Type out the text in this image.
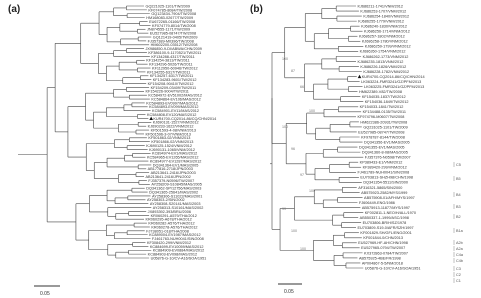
(a)	GQ221025-1101/TW/2009
KF074785-8084/TW/2008
GQ123434-7904/TW/2008
HM168083-02677/TW/2009
EU672265-01166/TW/2008
KF074779-8014/TW/2008
JN874555-1171/TW/2009
EU527985-08747/TW/2008
GQ121419-0405/TW/2009
FJ357389-M0396/TW/2008
HM602200-03512/TW/2008
JX986850-9-DI/ABWA/CHN/2009
KF386100-9-1170521/TW/2011
KF134288-4317/TW/2011
KF134254-3813/TW/2011
KF134296-5026/TW/2011
KF112950-60946/TW/2012
KF134255-6317/TW/2011
KF134257-6317/TW/2011
KF134283-9601/TW/2012
KF154208-90410/TW/2012
KF154209-03409/TW/2011
KF154226-9004/TW/2011
KC584972-EV51002/MAS/2012
KC584864-EV106/MAS/2012
KC584893-EV0997/MAS/2012
KC584893-EV099/MAS/2012
KC584901-EV11/MAS/2012
KC584808-EV120/MAS/2012
KUR4700-CQ2014-86/CQ/CHN/2014
KJ690131-1527/VNM/2012
KJ690233-1622/VNM/2012
KF501593-4-08/VNM/2013
KF501596-3-07/VNM/2013
KF501863-02/VNM/2013
KF501866-02/VNM/2013
KJ690125-1524/VNM/2012
KJ690131-1065/VNM/2012
KC894974-EV1/MAS/2012
KC584965-EV1265/MAS/2012
KC894977-EV1287/MAS/2012
DQ341364-EV1/MAS/2005
AB177816-2718/JPN/2003
AB213641-2416/JPN/2003
AB213641-2416/JPN/2002
FJ357379-N0596/TW/2007
AY258209-S10845/MAS/2005
DQ341362-SP/12756/MAS/2003
DQ341365-25641/MAS/2002
AY258306-S11022/MAS/2001
AY258303-2/SIN/2002
AY258308-S20141/MAS/2003
AY258313-S10161/MAS/2002
JX893392-393/BRU/2006
KR060291-A579/THA/2012
KR060295-A678/THA/2012
KR060282-A576/THA/2012
KR060278-A576/THA/2012
FJ738051-018/THA/2008
KC889004-EV1987/MAS/2012
FJ461763-NUH0041/SIN/2008
KF308420-299/VNM/2012
KC884699-EV10059/MAS/2012
KC884909-EV0884/MAS/2012
KC884903-EV098/MAS/2012
U05876-G-10/CV-A16/SOA/1951
0.05
(b)	KJ686211-1741/VNM/2012
KJ686253-1707/VNM/2012
KJ686254-1840/VNM/2012
KJ686255-1779/VNM/2012
KJ686240-1830/VNM/2012
KJ686256-1714/VNM/2012
KJ686257-1802/VNM/2012
KJ686258-1780/VNM/2012
KJ686259-1799/VNM/2012
KJ686260-1754/VNM/2012
KJ686262-1773/VNM/2012
KJ686235-1813/VNM/2012
KJ686226-1826/VNM/2012
KJ686228-1782/VNM/2012
KUR4700-CQ2014-86/CQ/CHN/2014
LK063224-FMR3241/GZ/PFM/2013
LK063225-FMR3241/GZ/PFM/2013
HM622389-V82/TW/2008
KF154035-1837/TW/2012
KF154036-1849/TW/2012
KF154033-1841/TW/2012
KF134488-0135/TW/2011
KF974796-M0607/TW/2008
HM622386-20931/TW/2008
GQ231025-1101/TW/2009
EU527985-08747/TW/2008
KF978787-8144/TW/2008
DQ341356-EV1/MAS/2005
DQ341355-EV1/MAS/2005
DQ341360-8-08/MAS/2005
FJ357376-N0598/TW/2007
KP389433-E1/VNM/2012
KF389420-299/VNM/2012
FJ461789-NUH0041/SIN/2008
EU703813-SHZH98/CHN/1998
DQ341354-5511/SIN/2000
AF316321-5865/SIN/2000
AB575923-2582/MYS/1999
AB575908-01/AFH/MYS/1997
FJ606449-ENG/1986
AB575913-11877/MYS/1997
KF002811-1-NEO/H/ALL/1970
AB550337-1-1999/ASC/1998
EU703806-BR/H/SZ/1978
EU703809-S19-0/AFR/SZH/1997
KF001829-SH/GFL/ENG/2001
KF001844-0/CHN/2013
EU527969-HF-AH/CHN/1998
EU527965-0794/TW/2007
KX372863-0784/TW/2007
AB575925-4BE/FR/1998
AP004867-5-5/NM/2018
U05876-G-10/CV-A16/SOA/1951
100
87
66
100
100
96
97
100
99
100
100
C5
B5
B4
B3
B2
B1a
A2b
A2a
C4a
C4b
C3
C2
C1
0.05
